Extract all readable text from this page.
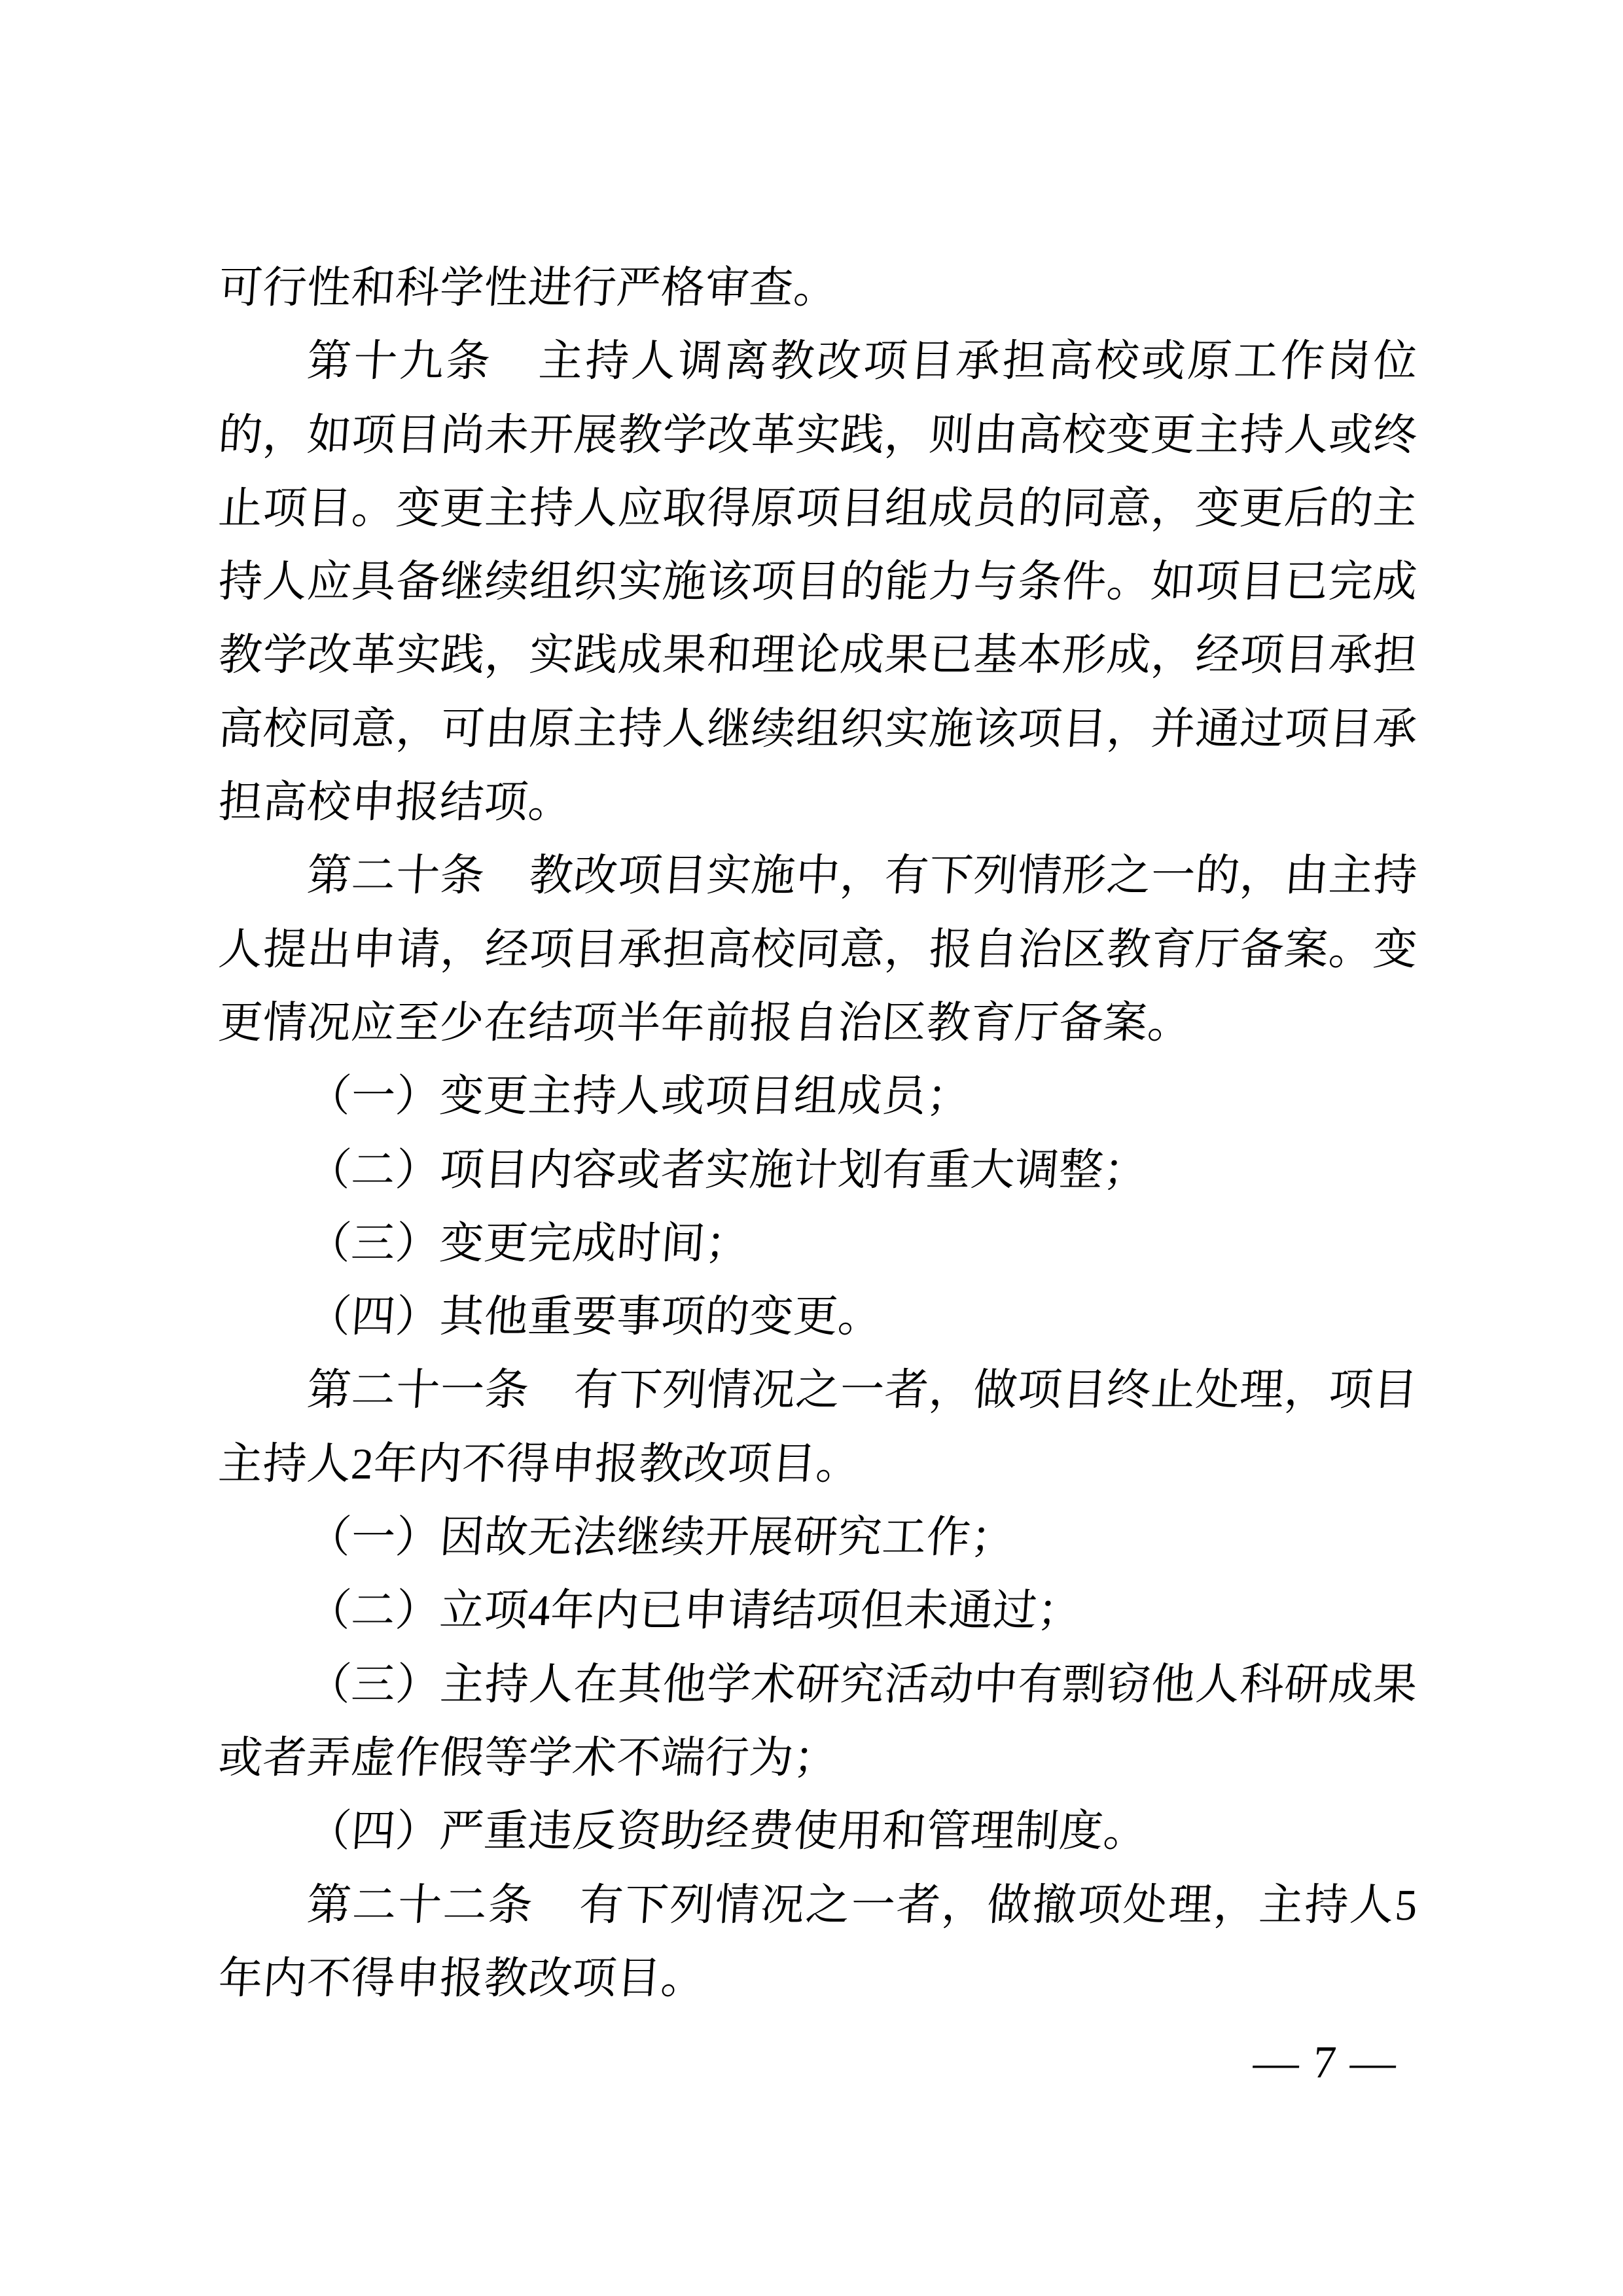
可行性和科学性进行严格审查。
第十九条　主持人调离教改项目承担高校或原工作岗位
的，如项目尚未开展教学改革实践，则由高校变更主持人或终
止项目。变更主持人应取得原项目组成员的同意，变更后的主
持人应具备继续组织实施该项目的能力与条件。如项目已完成
教学改革实践，实践成果和理论成果已基本形成，经项目承担
高校同意，可由原主持人继续组织实施该项目，并通过项目承
担高校申报结项。
第二十条　教改项目实施中，有下列情形之一的，由主持
人提出申请，经项目承担高校同意，报自治区教育厅备案。变
更情况应至少在结项半年前报自治区教育厅备案。
（一）变更主持人或项目组成员；
（二）项目内容或者实施计划有重大调整；
（三）变更完成时间；
（四）其他重要事项的变更。
第二十一条　有下列情况之一者，做项目终止处理，项目
主持人2年内不得申报教改项目。
（一）因故无法继续开展研究工作；
（二）立项4年内已申请结项但未通过；
（三）主持人在其他学术研究活动中有剽窃他人科研成果
或者弄虚作假等学术不端行为；
（四）严重违反资助经费使用和管理制度。
第二十二条　有下列情况之一者，做撤项处理，主持人5
年内不得申报教改项目。
— 7 —
